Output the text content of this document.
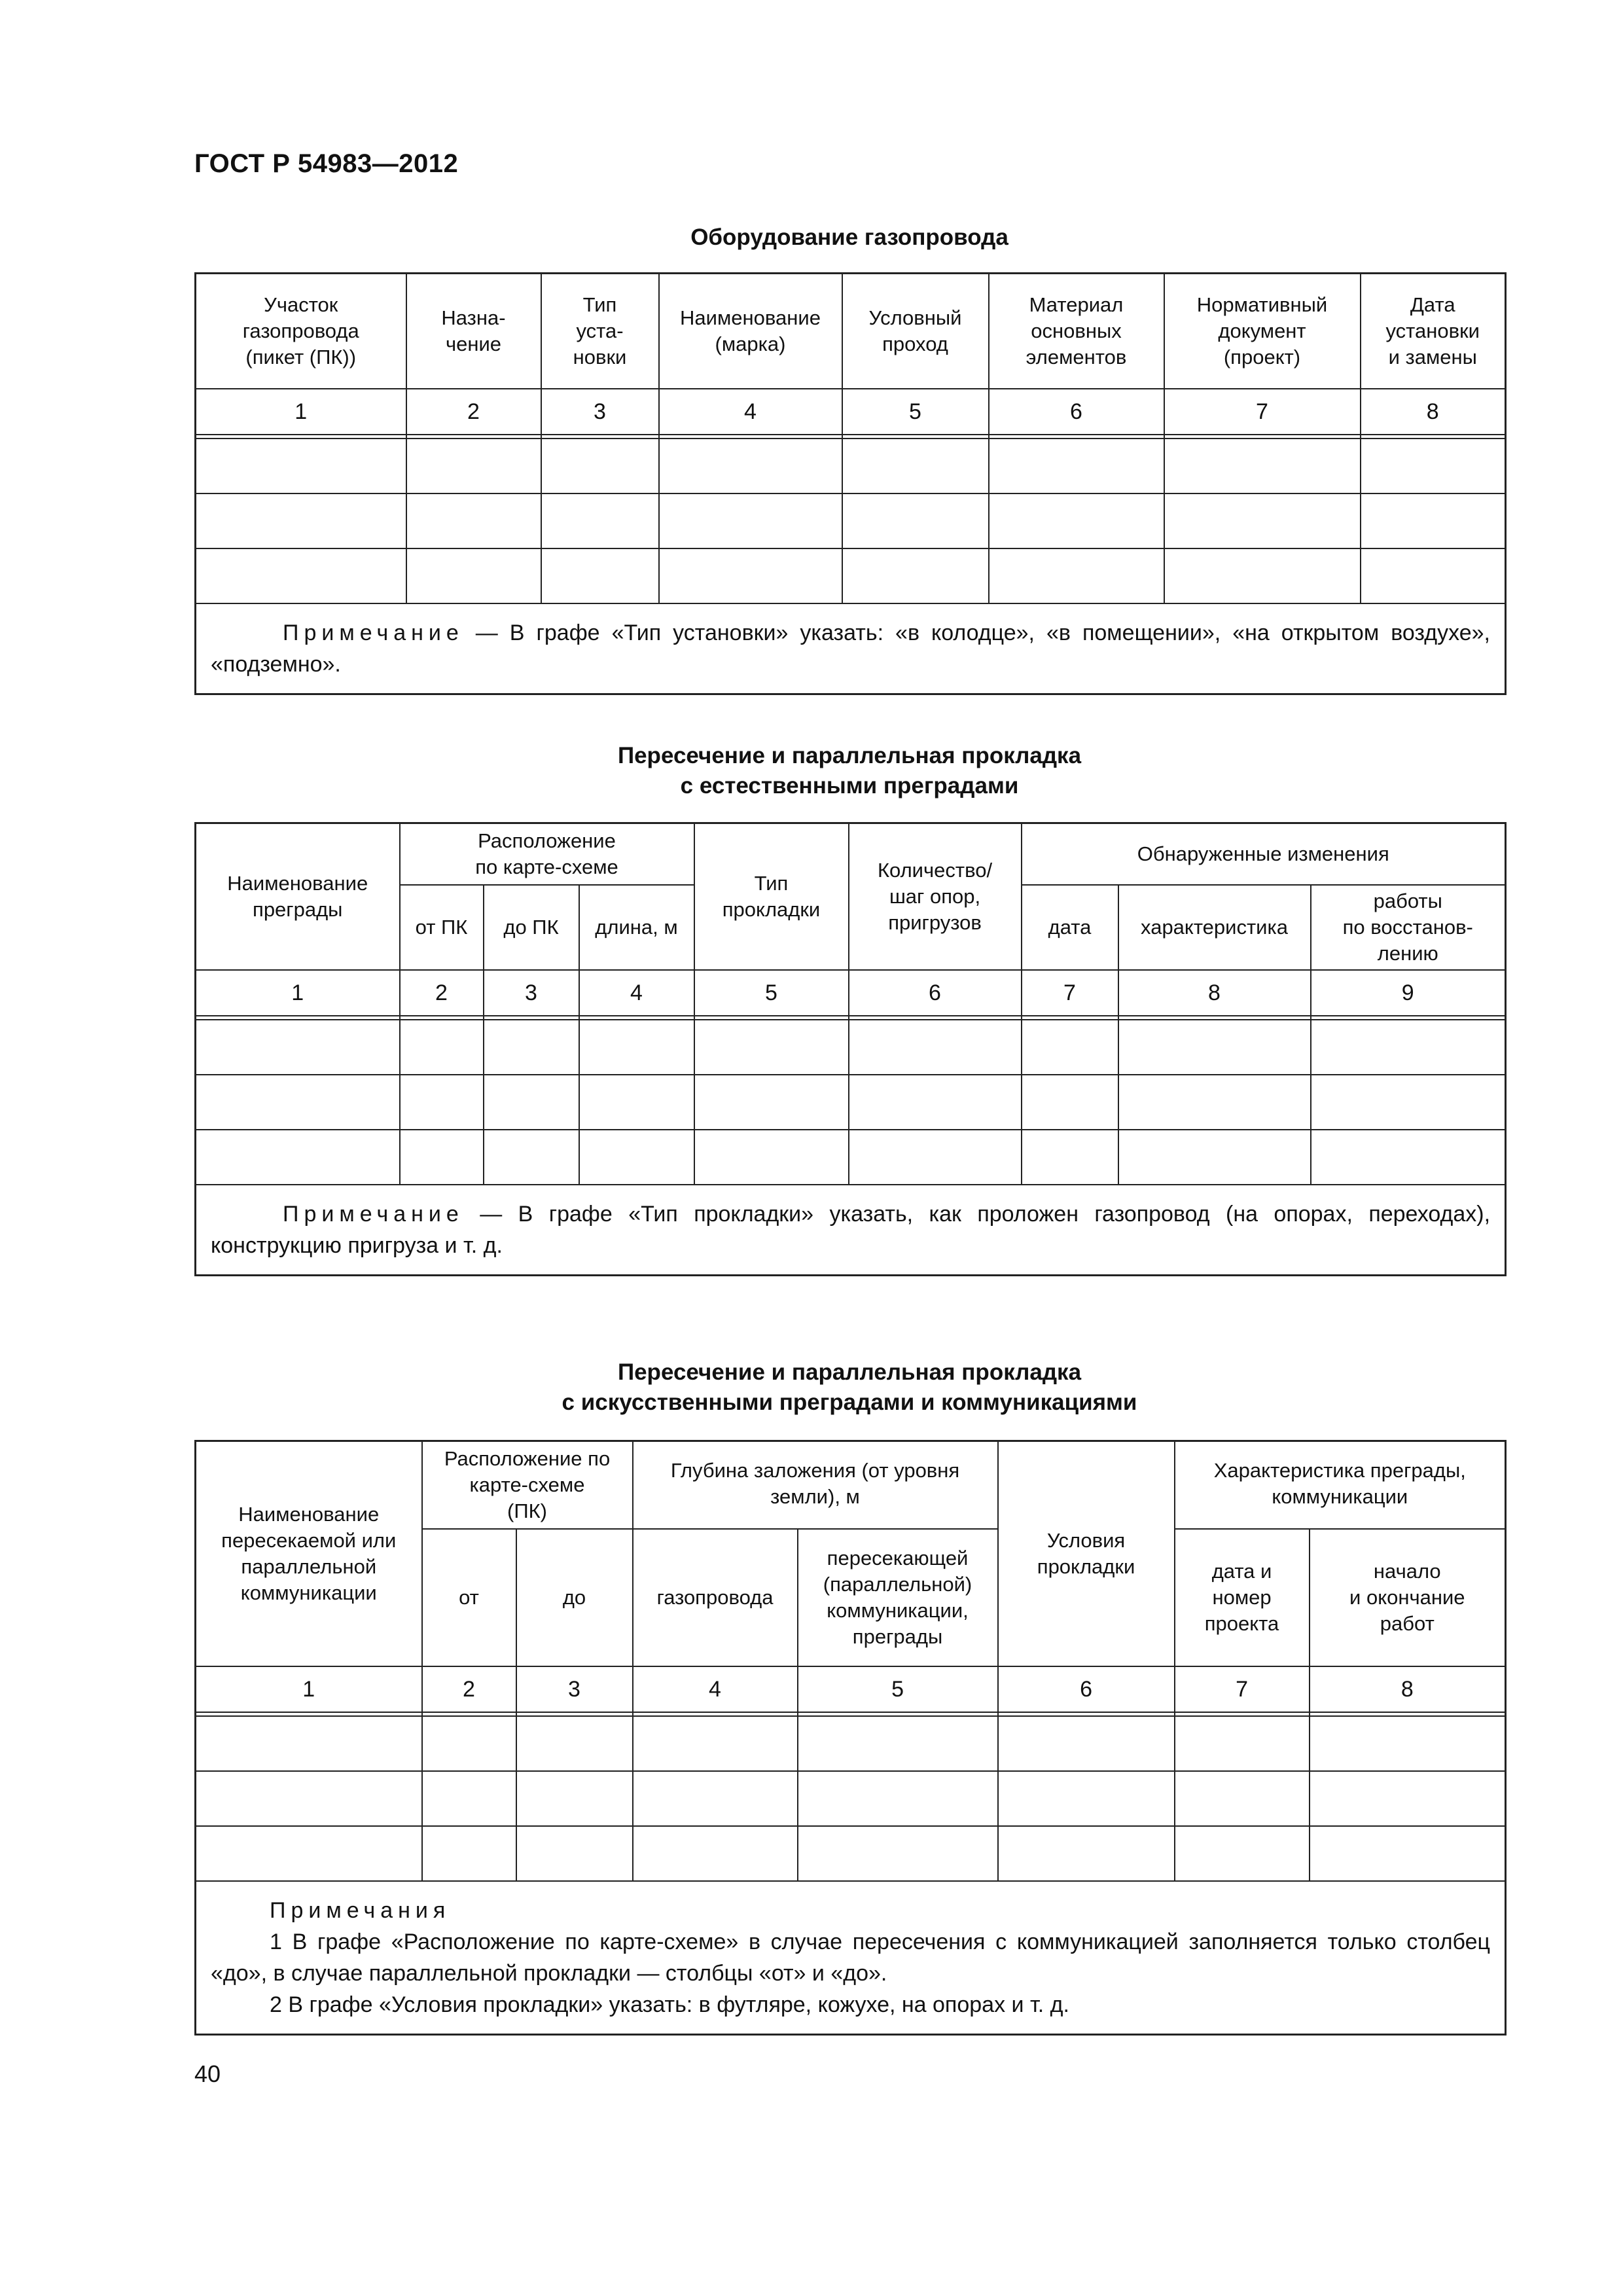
ГОСТ Р 54983—2012
Оборудование газопровода
Участок
газопровода
(пикет (ПК))	Назна-
чение	Тип
уста-
новки	Наименование
(марка)	Условный
проход	Материал
основных
элементов	Нормативный
документ
(проект)	Дата
установки
и замены
1	2	3	4	5	6	7	8

Примечание — В графе «Тип установки» указать: «в колодце», «в помещении», «на открытом воздухе», «подземно».							
Пересечение и параллельная прокладка
с естественными преградами
Наименование
преграды	Расположение
по карте-схеме			Тип
прокладки	Количество/
шаг опор,
пригрузов	Обнаруженные изменения		
	от ПК	до ПК	длина, м			дата	характеристика	работы
по восстанов-
лению
1	2	3	4	5	6	7	8	9

Примечание — В графе «Тип прокладки» указать, как проложен газопровод (на опорах, переходах), конструкцию пригруза и т. д.								
Пересечение и параллельная прокладка
с искусственными преградами и коммуникациями
Наименование
пересекаемой или
параллельной
коммуникации	Расположение по
карте-схеме
(ПК)		Глубина заложения (от уровня
земли), м		Условия
прокладки	Характеристика преграды,
коммуникации	
	от	до	газопровода	пересекающей
(параллельной)
коммуникации,
преграды		дата и
номер
проекта	начало
и окончание
работ
1	2	3	4	5	6	7	8

Примечания
1 В графе «Расположение по карте-схеме» в случае пересечения с коммуникацией заполняется только столбец «до», в случае параллельной прокладки — столбцы «от» и «до».
2 В графе «Условия прокладки» указать: в футляре, кожухе, на опорах и т. д.							
40
